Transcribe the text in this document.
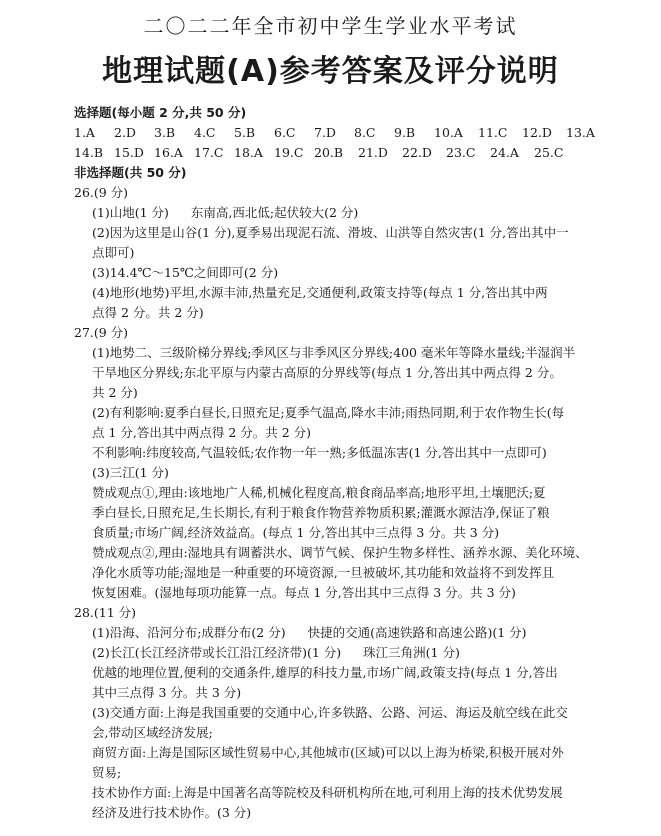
二〇二二年全市初中学生学业水平考试
地理试题(A)参考答案及评分说明
选择题(每小题 2 分,共 50 分)
1.A	2.D	3.B	4.C	5.B	6.C	7.D	8.C	9.B	10.A	11.C	12.D	13.A
14.B 15.D 16.A 17.C 18.A 19.C 20.B	21.D	22.D	23.C	24.A	25.C
非选择题(共 50 分)
26.(9 分)
(1)山地(1 分) 东南高,西北低;起伏较大(2 分)
(2)因为这里是山谷(1 分),夏季易出现泥石流、滑坡、山洪等自然灾害(1 分,答出其中一
点即可)
(3)14.4℃～15℃之间即可(2 分)
(4)地形(地势)平坦,水源丰沛,热量充足,交通便利,政策支持等(每点 1 分,答出其中两
点得 2 分。共 2 分)
27.(9 分)
(1)地势二、三级阶梯分界线;季风区与非季风区分界线;400 毫米年等降水量线;半湿润半
干旱地区分界线;东北平原与内蒙古高原的分界线等(每点 1 分,答出其中两点得 2 分。
共 2 分)
(2)有利影响:夏季白昼长,日照充足;夏季气温高,降水丰沛;雨热同期,利于农作物生长(每
点 1 分,答出其中两点得 2 分。共 2 分)
不利影响:纬度较高,气温较低;农作物一年一熟;多低温冻害(1 分,答出其中一点即可)
(3)三江(1 分)
赞成观点①,理由:该地地广人稀,机械化程度高,粮食商品率高;地形平坦,土壤肥沃;夏
季白昼长,日照充足,生长期长,有利于粮食作物营养物质积累;灌溉水源洁净,保证了粮
食质量;市场广阔,经济效益高。(每点 1 分,答出其中三点得 3 分。共 3 分)
赞成观点②,理由:湿地具有调蓄洪水、调节气候、保护生物多样性、涵养水源、美化环境、
净化水质等功能;湿地是一种重要的环境资源,一旦被破坏,其功能和效益将不到发挥且
恢复困难。(湿地每项功能算一点。每点 1 分,答出其中三点得 3 分。共 3 分)
28.(11 分)
(1)沿海、沿河分布;成群分布(2 分) 快捷的交通(高速铁路和高速公路)(1 分)
(2)长江(长江经济带或长江沿江经济带)(1 分) 珠江三角洲(1 分)
优越的地理位置,便利的交通条件,雄厚的科技力量,市场广阔,政策支持(每点 1 分,答出
其中三点得 3 分。共 3 分)
(3)交通方面:上海是我国重要的交通中心,许多铁路、公路、河运、海运及航空线在此交
会,带动区域经济发展;
商贸方面:上海是国际区域性贸易中心,其他城市(区域)可以以上海为桥梁,积极开展对外
贸易;
技术协作方面:上海是中国著名高等院校及科研机构所在地,可利用上海的技术优势发展
经济及进行技术协作。(3 分)
